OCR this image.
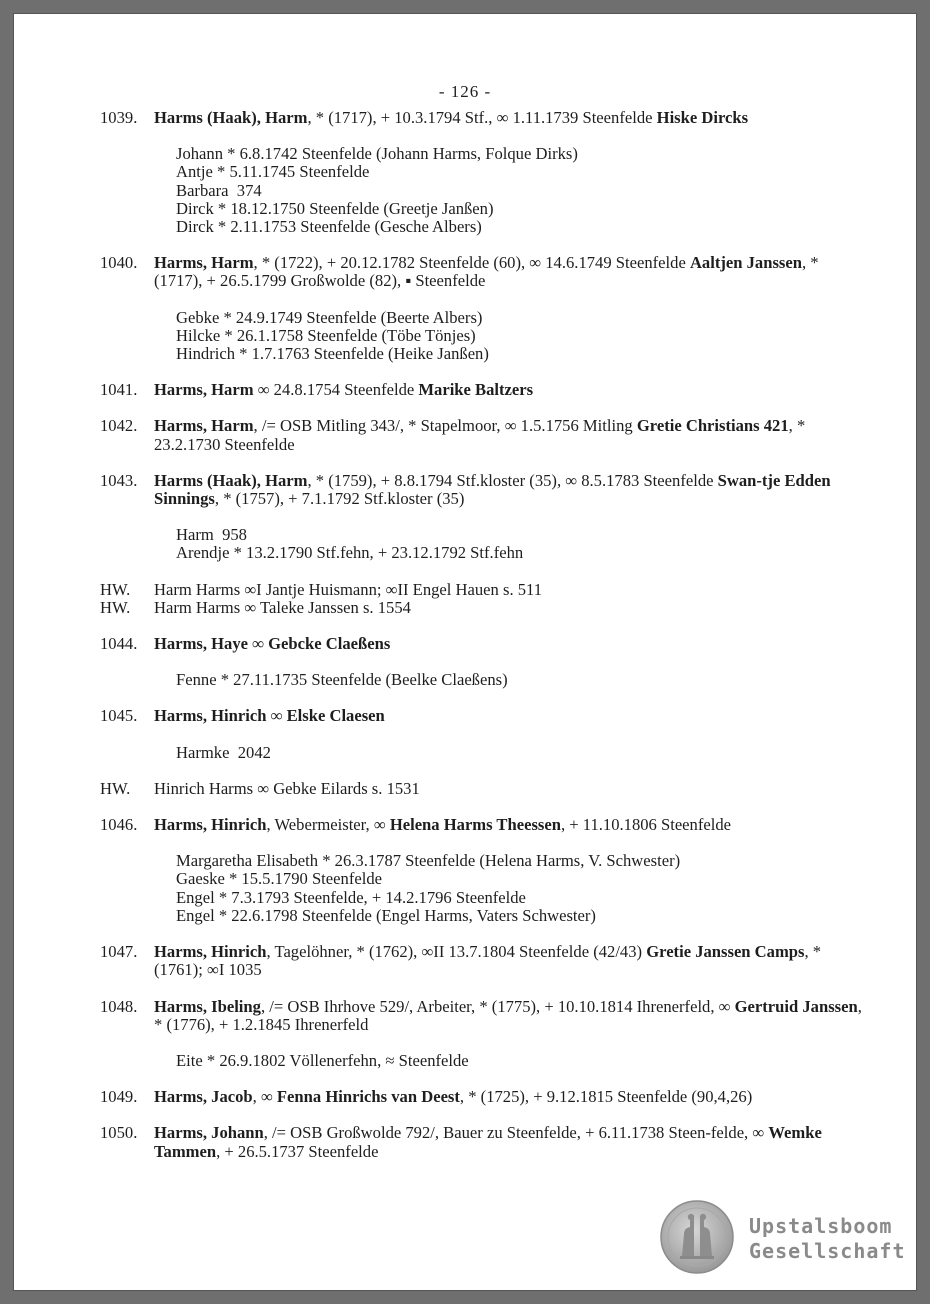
- 126 -
1039. Harms (Haak), Harm, * (1717), + 10.3.1794 Stf., ∞ 1.11.1739 Steenfelde Hiske Dircks
Johann * 6.8.1742 Steenfelde (Johann Harms, Folque Dirks)
Antje * 5.11.1745 Steenfelde
Barbara  374
Dirck * 18.12.1750 Steenfelde (Greetje Janßen)
Dirck * 2.11.1753 Steenfelde (Gesche Albers)
1040. Harms, Harm, * (1722), + 20.12.1782 Steenfelde (60), ∞ 14.6.1749 Steenfelde Aaltjen Janssen, * (1717), + 26.5.1799 Großwolde (82), ▪ Steenfelde
Gebke * 24.9.1749 Steenfelde (Beerte Albers)
Hilcke * 26.1.1758 Steenfelde (Töbe Tönjes)
Hindrich * 1.7.1763 Steenfelde (Heike Janßen)
1041. Harms, Harm ∞ 24.8.1754 Steenfelde Marike Baltzers
1042. Harms, Harm, /= OSB Mitling 343/, * Stapelmoor, ∞ 1.5.1756 Mitling Gretie Christians 421, * 23.2.1730 Steenfelde
1043. Harms (Haak), Harm, * (1759), + 8.8.1794 Stf.kloster (35), ∞ 8.5.1783 Steenfelde Swan-tje Edden Sinnings, * (1757), + 7.1.1792 Stf.kloster (35)
Harm  958
Arendje * 13.2.1790 Stf.fehn, + 23.12.1792 Stf.fehn
HW. Harm Harms ∞I Jantje Huismann; ∞II Engel Hauen s. 511
HW. Harm Harms ∞ Taleke Janssen s. 1554
1044. Harms, Haye ∞ Gebcke Claeßens
Fenne * 27.11.1735 Steenfelde (Beelke Claeßens)
1045. Harms, Hinrich ∞ Elske Claesen
Harmke  2042
HW. Hinrich Harms ∞ Gebke Eilards s. 1531
1046. Harms, Hinrich, Webermeister, ∞ Helena Harms Theessen, + 11.10.1806 Steenfelde
Margaretha Elisabeth * 26.3.1787 Steenfelde (Helena Harms, V. Schwester)
Gaeske * 15.5.1790 Steenfelde
Engel * 7.3.1793 Steenfelde, + 14.2.1796 Steenfelde
Engel * 22.6.1798 Steenfelde (Engel Harms, Vaters Schwester)
1047. Harms, Hinrich, Tagelöhner, * (1762), ∞II 13.7.1804 Steenfelde (42/43) Gretie Janssen Camps, * (1761); ∞I 1035
1048. Harms, Ibeling, /= OSB Ihrhove 529/, Arbeiter, * (1775), + 10.10.1814 Ihrenerfeld, ∞ Gertruid Janssen, * (1776), + 1.2.1845 Ihrenerfeld
Eite * 26.9.1802 Völlenerfehn, ≈ Steenfelde
1049. Harms, Jacob, ∞ Fenna Hinrichs van Deest, * (1725), + 9.12.1815 Steenfelde (90,4,26)
1050. Harms, Johann, /= OSB Großwolde 792/, Bauer zu Steenfelde, + 6.11.1738 Steen-felde, ∞ Wemke Tammen, + 26.5.1737 Steenfelde
Upstalsboom
Gesellschaft
